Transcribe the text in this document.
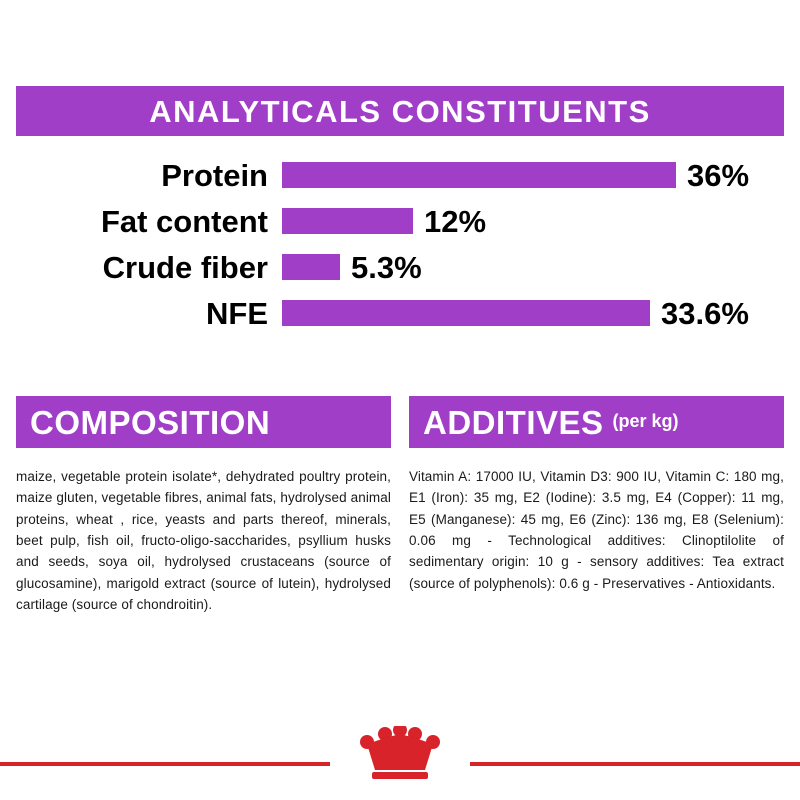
ANALYTICALS CONSTITUENTS
Protein	36%
Fat content	12%
Crude fiber	5.3%
NFE	33.6%
COMPOSITION
maize, vegetable protein isolate*, dehydrated poultry protein, maize gluten, vegetable fibres, animal fats, hydrolysed animal proteins, wheat , rice, yeasts and parts thereof, minerals, beet pulp, fish oil, fructo-oligo-saccharides, psyllium husks and seeds, soya oil, hydrolysed crustaceans (source of glucosamine), marigold extract (source of lutein), hydrolysed cartilage (source of chondroitin).
ADDITIVES (per kg)
Vitamin A: 17000 IU, Vitamin D3: 900 IU, Vitamin C: 180 mg, E1 (Iron): 35 mg, E2 (Iodine): 3.5 mg, E4 (Copper): 11 mg, E5 (Manganese): 45 mg, E6 (Zinc): 136 mg, E8 (Selenium): 0.06 mg - Technological additives: Clinoptilolite of sedimentary origin: 10 g - sensory additives: Tea extract (source of polyphenols): 0.6 g - Preservatives - Antioxidants.
